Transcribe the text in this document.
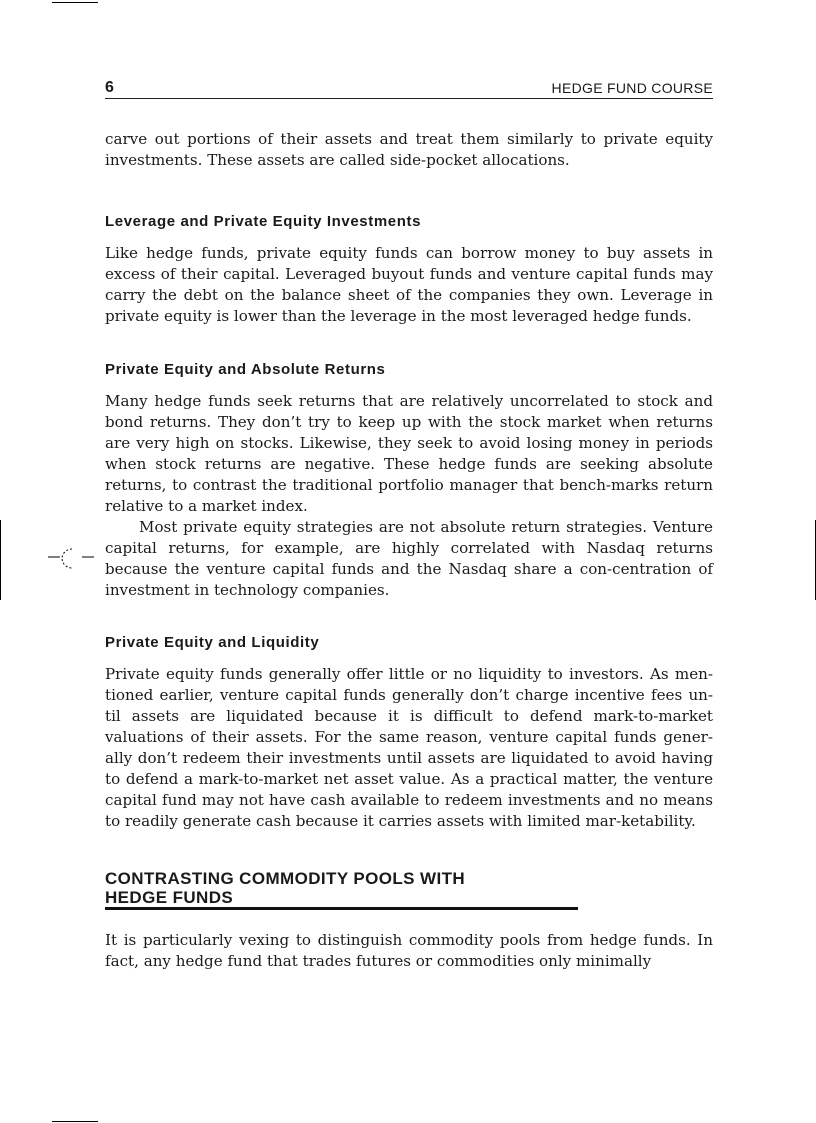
6	HEDGE FUND COURSE

carve out portions of their assets and treat them similarly to private equity investments. These assets are called side-pocket allocations.

Leverage and Private Equity Investments

Like hedge funds, private equity funds can borrow money to buy assets in excess of their capital. Leveraged buyout funds and venture capital funds may carry the debt on the balance sheet of the companies they own. Leverage in private equity is lower than the leverage in the most leveraged hedge funds.

Private Equity and Absolute Returns

Many hedge funds seek returns that are relatively uncorrelated to stock and bond returns. They don’t try to keep up with the stock market when returns are very high on stocks. Likewise, they seek to avoid losing money in periods when stock returns are negative. These hedge funds are seeking absolute returns, to contrast the traditional portfolio manager that bench-marks return relative to a market index.

Most private equity strategies are not absolute return strategies. Venture capital returns, for example, are highly correlated with Nasdaq returns because the venture capital funds and the Nasdaq share a con-centration of investment in technology companies.

Private Equity and Liquidity

Private equity funds generally offer little or no liquidity to investors. As men-tioned earlier, venture capital funds generally don’t charge incentive fees un-til assets are liquidated because it is difficult to defend mark-to-market valuations of their assets. For the same reason, venture capital funds gener-ally don’t redeem their investments until assets are liquidated to avoid having to defend a mark-to-market net asset value. As a practical matter, the venture capital fund may not have cash available to redeem investments and no means to readily generate cash because it carries assets with limited mar-ketability.

CONTRASTING COMMODITY POOLS WITH
HEDGE FUNDS

It is particularly vexing to distinguish commodity pools from hedge funds. In fact, any hedge fund that trades futures or commodities only minimally
